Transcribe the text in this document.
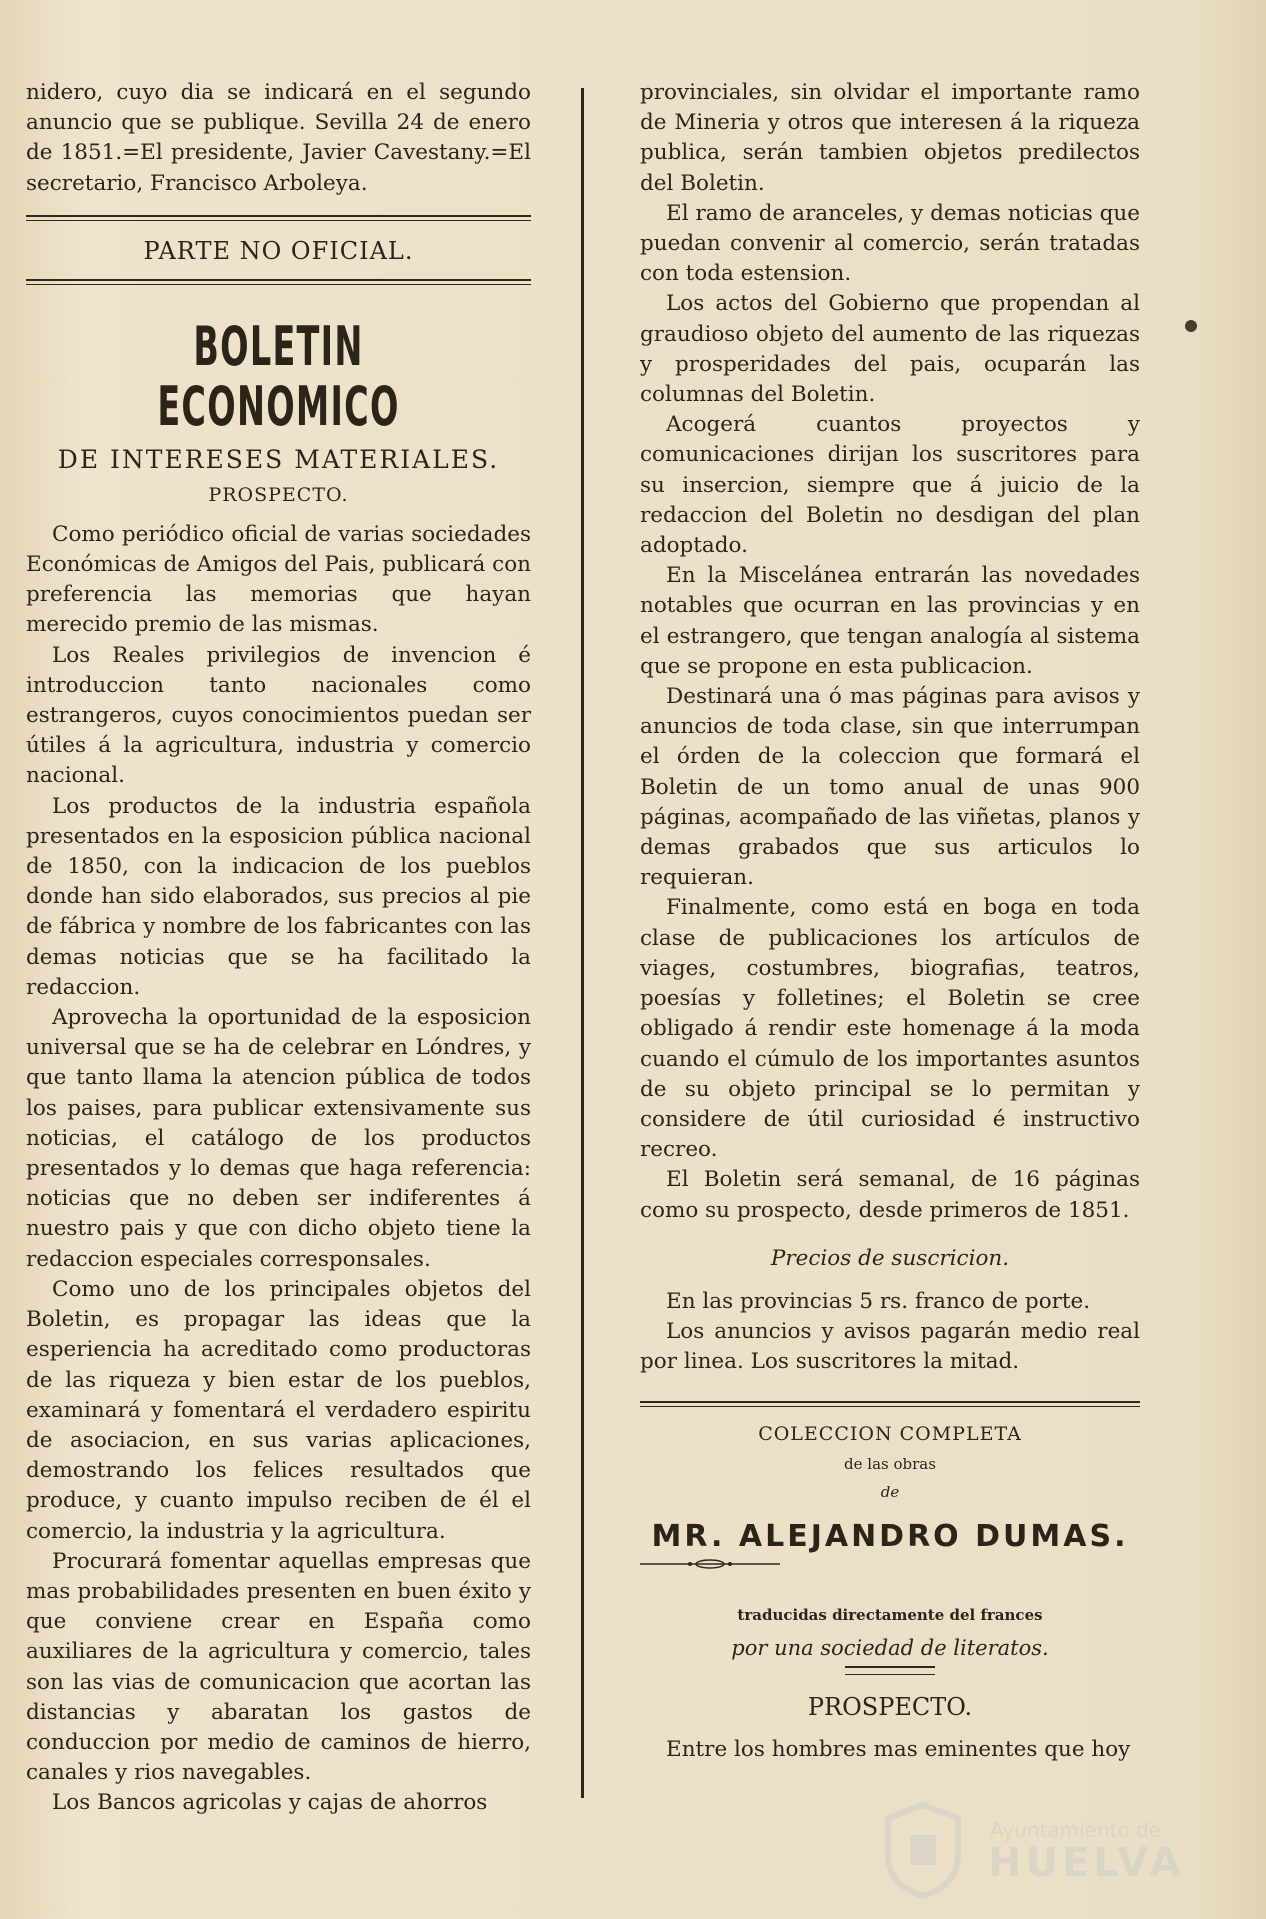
nidero, cuyo dia se indicará en el segundo anuncio que se publique. Sevilla 24 de enero de 1851.=El presidente, Javier Cavestany.=El secretario, Francisco Arboleya.

PARTE NO OFICIAL.
BOLETIN ECONOMICO
DE INTERESES MATERIALES.
PROSPECTO.

Como periódico oficial de varias sociedades Económicas de Amigos del Pais, publicará con preferencia las memorias que hayan merecido premio de las mismas.

Los Reales privilegios de invencion é introduccion tanto nacionales como estrangeros, cuyos conocimientos puedan ser útiles á la agricultura, industria y comercio nacional.

Los productos de la industria española presentados en la esposicion pública nacional de 1850, con la indicacion de los pueblos donde han sido elaborados, sus precios al pie de fábrica y nombre de los fabricantes con las demas noticias que se ha facilitado la redaccion.

Aprovecha la oportunidad de la esposicion universal que se ha de celebrar en Lóndres, y que tanto llama la atencion pública de todos los paises, para publicar extensivamente sus noticias, el catálogo de los productos presentados y lo demas que haga referencia: noticias que no deben ser indiferentes á nuestro pais y que con dicho objeto tiene la redaccion especiales corresponsales.

Como uno de los principales objetos del Boletin, es propagar las ideas que la esperiencia ha acreditado como productoras de las riqueza y bien estar de los pueblos, examinará y fomentará el verdadero espiritu de asociacion, en sus varias aplicaciones, demostrando los felices resultados que produce, y cuanto impulso reciben de él el comercio, la industria y la agricultura.

Procurará fomentar aquellas empresas que mas probabilidades presenten en buen éxito y que conviene crear en España como auxiliares de la agricultura y comercio, tales son las vias de comunicacion que acortan las distancias y abaratan los gastos de conduccion por medio de caminos de hierro, canales y rios navegables.

Los Bancos agricolas y cajas de ahorros

provinciales, sin olvidar el importante ramo de Mineria y otros que interesen á la riqueza publica, serán tambien objetos predilectos del Boletin.

El ramo de aranceles, y demas noticias que puedan convenir al comercio, serán tratadas con toda estension.

Los actos del Gobierno que propendan al graudioso objeto del aumento de las riquezas y prosperidades del pais, ocuparán las columnas del Boletin.

Acogerá cuantos proyectos y comunicaciones dirijan los suscritores para su insercion, siempre que á juicio de la redaccion del Boletin no desdigan del plan adoptado.

En la Miscelánea entrarán las novedades notables que ocurran en las provincias y en el estrangero, que tengan analogía al sistema que se propone en esta publicacion.

Destinará una ó mas páginas para avisos y anuncios de toda clase, sin que interrumpan el órden de la coleccion que formará el Boletin de un tomo anual de unas 900 páginas, acompañado de las viñetas, planos y demas grabados que sus articulos lo requieran.

Finalmente, como está en boga en toda clase de publicaciones los artículos de viages, costumbres, biografias, teatros, poesías y folletines; el Boletin se cree obligado á rendir este homenage á la moda cuando el cúmulo de los importantes asuntos de su objeto principal se lo permitan y considere de útil curiosidad é instructivo recreo.

El Boletin será semanal, de 16 páginas como su prospecto, desde primeros de 1851.

Precios de suscricion.

En las provincias 5 rs. franco de porte.

Los anuncios y avisos pagarán medio real por linea. Los suscritores la mitad.

COLECCION COMPLETA
de las obras
de
MR. ALEJANDRO DUMAS.
traducidas directamente del frances
por una sociedad de literatos.
PROSPECTO.

Entre los hombres mas eminentes que hoy

Ayuntamiento de
HUELVA
